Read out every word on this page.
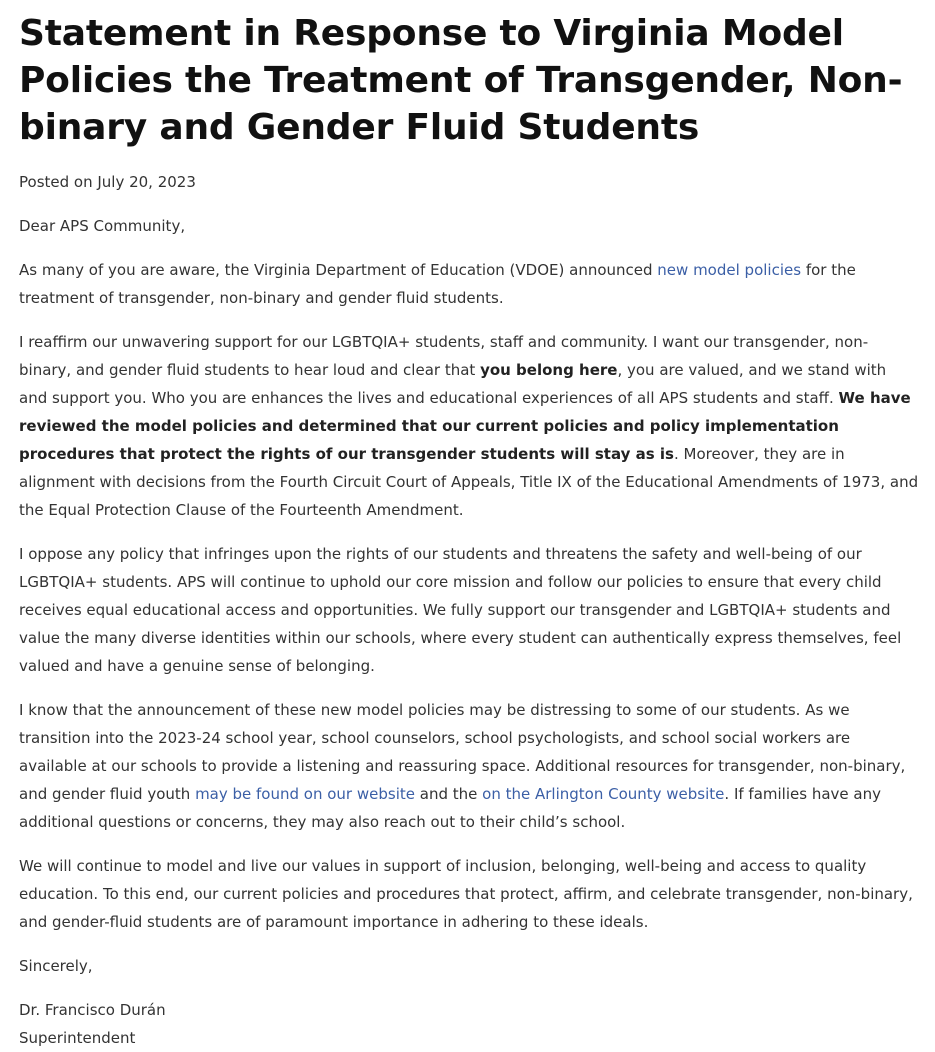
Statement in Response to Virginia Model Policies the Treatment of Transgender, Non-binary and Gender Fluid Students
Posted on July 20, 2023

Dear APS Community,

As many of you are aware, the Virginia Department of Education (VDOE) announced new model policies for the treatment of transgender, non-binary and gender fluid students.

I reaffirm our unwavering support for our LGBTQIA+ students, staff and community. I want our transgender, non-binary, and gender fluid students to hear loud and clear that you belong here, you are valued, and we stand with and support you. Who you are enhances the lives and educational experiences of all APS students and staff. We have reviewed the model policies and determined that our current policies and policy implementation procedures that protect the rights of our transgender students will stay as is. Moreover, they are in alignment with decisions from the Fourth Circuit Court of Appeals, Title IX of the Educational Amendments of 1973, and the Equal Protection Clause of the Fourteenth Amendment.

I oppose any policy that infringes upon the rights of our students and threatens the safety and well-being of our LGBTQIA+ students. APS will continue to uphold our core mission and follow our policies to ensure that every child receives equal educational access and opportunities. We fully support our transgender and LGBTQIA+ students and value the many diverse identities within our schools, where every student can authentically express themselves, feel valued and have a genuine sense of belonging.

I know that the announcement of these new model policies may be distressing to some of our students. As we transition into the 2023-24 school year, school counselors, school psychologists, and school social workers are available at our schools to provide a listening and reassuring space. Additional resources for transgender, non-binary, and gender fluid youth may be found on our website and the on the Arlington County website. If families have any additional questions or concerns, they may also reach out to their child’s school.

We will continue to model and live our values in support of inclusion, belonging, well-being and access to quality education. To this end, our current policies and procedures that protect, affirm, and celebrate transgender, non-binary, and gender-fluid students are of paramount importance in adhering to these ideals.

Sincerely,

Dr. Francisco Durán
Superintendent
